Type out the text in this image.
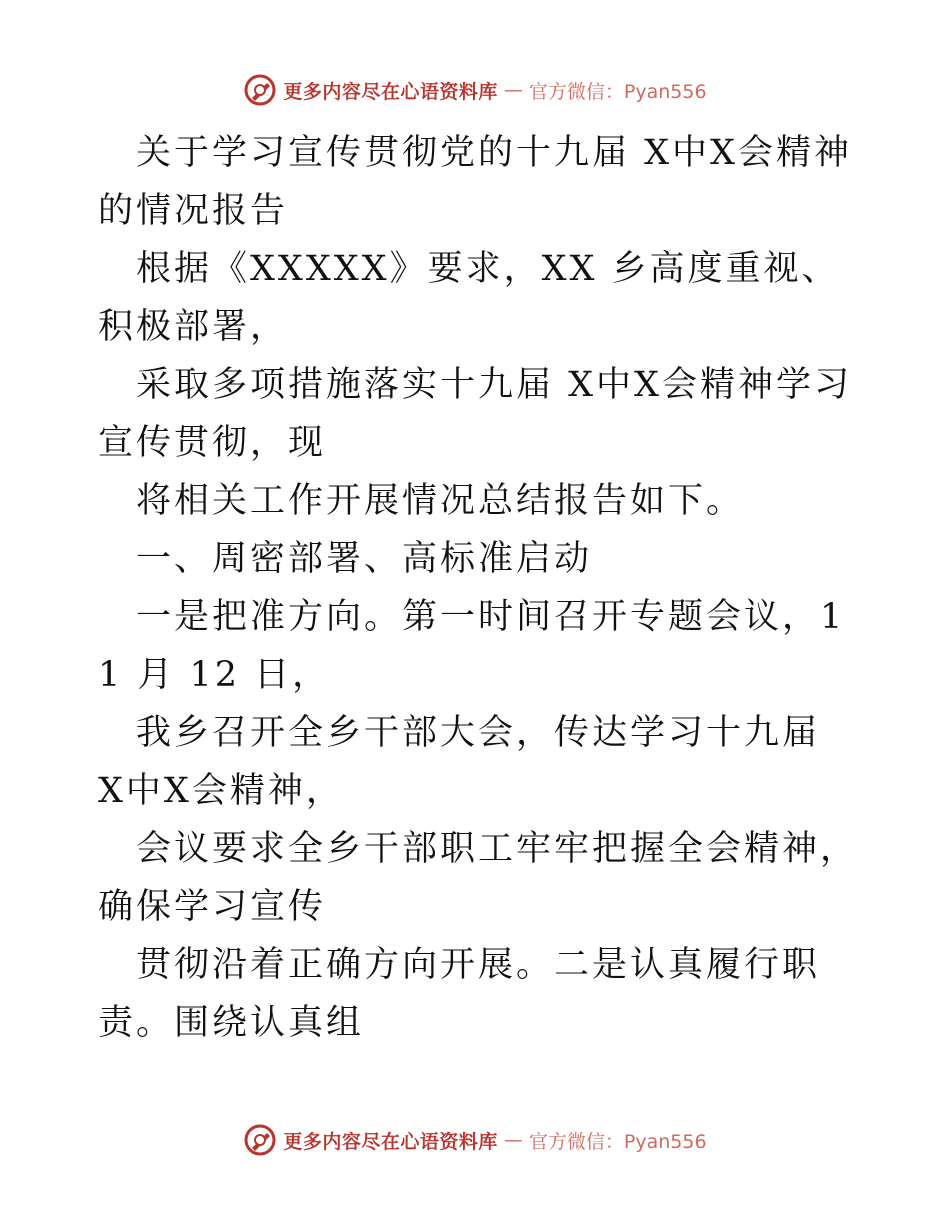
更多内容尽在心语资料库 — 官方微信：Pyan556

关于学习宣传贯彻党的十九届 X中X会精神的情况报告

根据《XXXXX》要求，XX 乡高度重视、积极部署，

采取多项措施落实十九届 X中X会精神学习宣传贯彻，现

将相关工作开展情况总结报告如下。

一、周密部署、高标准启动

一是把准方向。第一时间召开专题会议，11 月 12 日，

我乡召开全乡干部大会，传达学习十九届 X中X会精神，

会议要求全乡干部职工牢牢把握全会精神，确保学习宣传

贯彻沿着正确方向开展。二是认真履行职责。围绕认真组

更多内容尽在心语资料库 — 官方微信：Pyan556
